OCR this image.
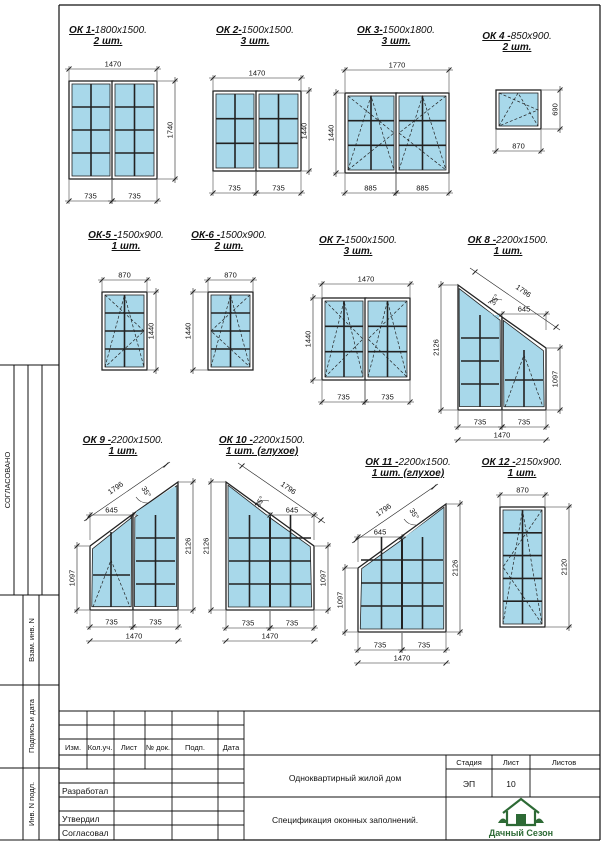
СОГЛАСОВАНО
Взам. инв. N
Подпись и дата
Инв. N подл.
Изм. Кол.уч. Лист № док. Подп. Дата
Разработал
Утвердил
Согласовал
Одноквартирный жилой дом
Спецификация оконных заполнений.
Стадия	Лист	Листов
ЭП	10
Дачный Сезон
ОК 1-1800х1500.
2 шт.
1470
1740
735	735
ОК 2-1500х1500.
3 шт.
1470
1440
735	735
ОК 3-1500х1800.
3 шт.
1770
1440
885	885
ОК 4 -850х900.
2 шт.
690
870
ОК-5 -1500х900.
1 шт.
870
1440
ОК-6 -1500х900.
2 шт.
870
1440
ОК 7-1500х1500.
3 шт.
1470
1440
735	735
ОК 8 -2200х1500.
1 шт.
1796
35°
645
2126
1097
735	735
1470
ОК 9 -2200х1500.
1 шт.
1796 35°
645
1097
2126
735	735
1470
ОК 10 -2200х1500.
1 шт. (глухое)
1796
35°
645
2126
1097
735	735
1470
ОК 11 -2200х1500.
1 шт. (глухое)
1796 35°
645
1097
2126
735	735
1470
ОК 12 -2150х900.
1 шт.
870
2120
